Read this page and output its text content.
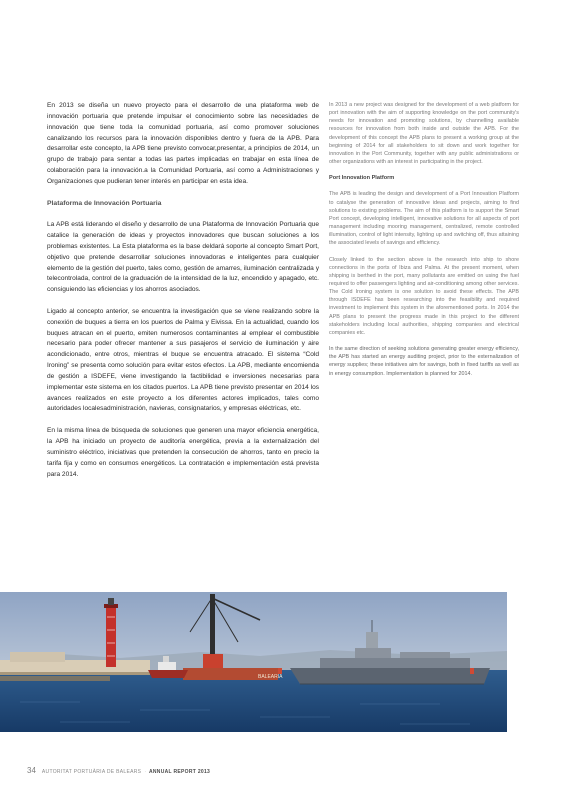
En 2013 se diseña un nuevo proyecto para el desarrollo de una plataforma web de innovación portuaria que pretende impulsar el conocimiento sobre las necesidades de innovación que tiene toda la comunidad portuaria, así como promover soluciones canalizando los recursos para la innovación disponibles dentro y fuera de la APB. Para desarrollar este concepto, la APB tiene previsto convocar,presentar, a principios de 2014, un grupo de trabajo para sentar a todas las partes implicadas en trabajar en esta línea de colaboración para la innovación.a la Comunidad Portuaria, así como a Administraciones y Organizaciones que pudieran tener interés en participar en esta idea.

Plataforma de Innovación Portuaria

La APB está liderando el diseño y desarrollo de una Plataforma de Innovación Portuaria que catalice la generación de ideas y proyectos innovadores que buscan soluciones a los problemas existentes. La Esta plataforma es la base deldará soporte al concepto Smart Port, objetivo que pretende desarrollar soluciones innovadoras e inteligentes para cualquier elemento de la gestión del puerto, tales como, gestión de amarres, iluminación centralizada y telecontrolada, control de la graduación de la intensidad de la luz, encendido y apagado, etc. consiguiendo las eficiencias y los ahorros asociados.

Ligado al concepto anterior, se encuentra la investigación que se viene realizando sobre la conexión de buques a tierra en los puertos de Palma y Eivissa. En la actualidad, cuando los buques atracan en el puerto, emiten numerosos contaminantes al emplear el combustible necesario para poder ofrecer mantener a sus pasajeros el servicio de iluminación y aire acondicionado, entre otros, mientras el buque se encuentra atracado. El sistema “Cold Ironing” se presenta como solución para evitar estos efectos. La APB, mediante encomienda de gestión a ISDEFE, viene investigando la factibilidad e inversiones necesarias para implementar este sistema en los citados puertos. La APB tiene previsto presentar en 2014 los avances realizados en este proyecto a los diferentes actores implicados, tales como autoridades localesadministración, navieras, consignatarios, y empresas eléctricas, etc.

En la misma línea de búsqueda de soluciones que generen una mayor eficiencia energética, la APB ha iniciado un proyecto de auditoría energética, previa a la externalización del suministro eléctrico, iniciativas que pretenden la consecución de ahorros, tanto en precio la tarifa fija y como en consumos energéticos. La contratación e implementación está prevista para 2014.

In 2013 a new project was designed for the development of a web platform for port innovation with the aim of supporting knowledge on the port community's needs for innovation and promoting solutions, by channelling available resources for innovation from both inside and outside the APB. For the development of this concept the APB plans to present a working group at the beginning of 2014 for all stakeholders to sit down and work together for innovation in the Port Community, together with any public administrations or other organizations with an interest in participating in the project.

Port Innovation Platform

The APB is leading the design and development of a Port Innovation Platform to catalyse the generation of innovative ideas and projects, aiming to find solutions to existing problems. The aim of this platform is to support the Smart Port concept, developing intelligent, innovative solutions for all aspects of port management including mooring management, centralized, remote controlled illumination, control of light intensity, lighting up and switching off, thus attaining the associated levels of savings and efficiency.

Closely linked to the section above is the research into ship to shore connections in the ports of Ibiza and Palma. At the present moment, when shipping is berthed in the port, many pollutants are emitted on using the fuel required to offer passengers lighting and air-conditioning among other services. The Cold Ironing system is one solution to avoid these effects. The APB through ISDEFE has been researching into the feasibility and required investment to implement this system in the aforementioned ports. In 2014 the APB plans to present the progress made in this project to the different stakeholders including local authorities, shipping companies and electrical companies etc.

In the same direction of seeking solutions generating greater energy efficiency, the APB has started an energy auditing project, prior to the externalization of energy supplies; these initiatives aim for savings, both in fixed tariffs as well as in energy consumption. Implementation is planned for 2014.

BALEARIA
34 AUTORITAT PORTUÀRIA DE BALEARS · ANNUAL REPORT 2013
